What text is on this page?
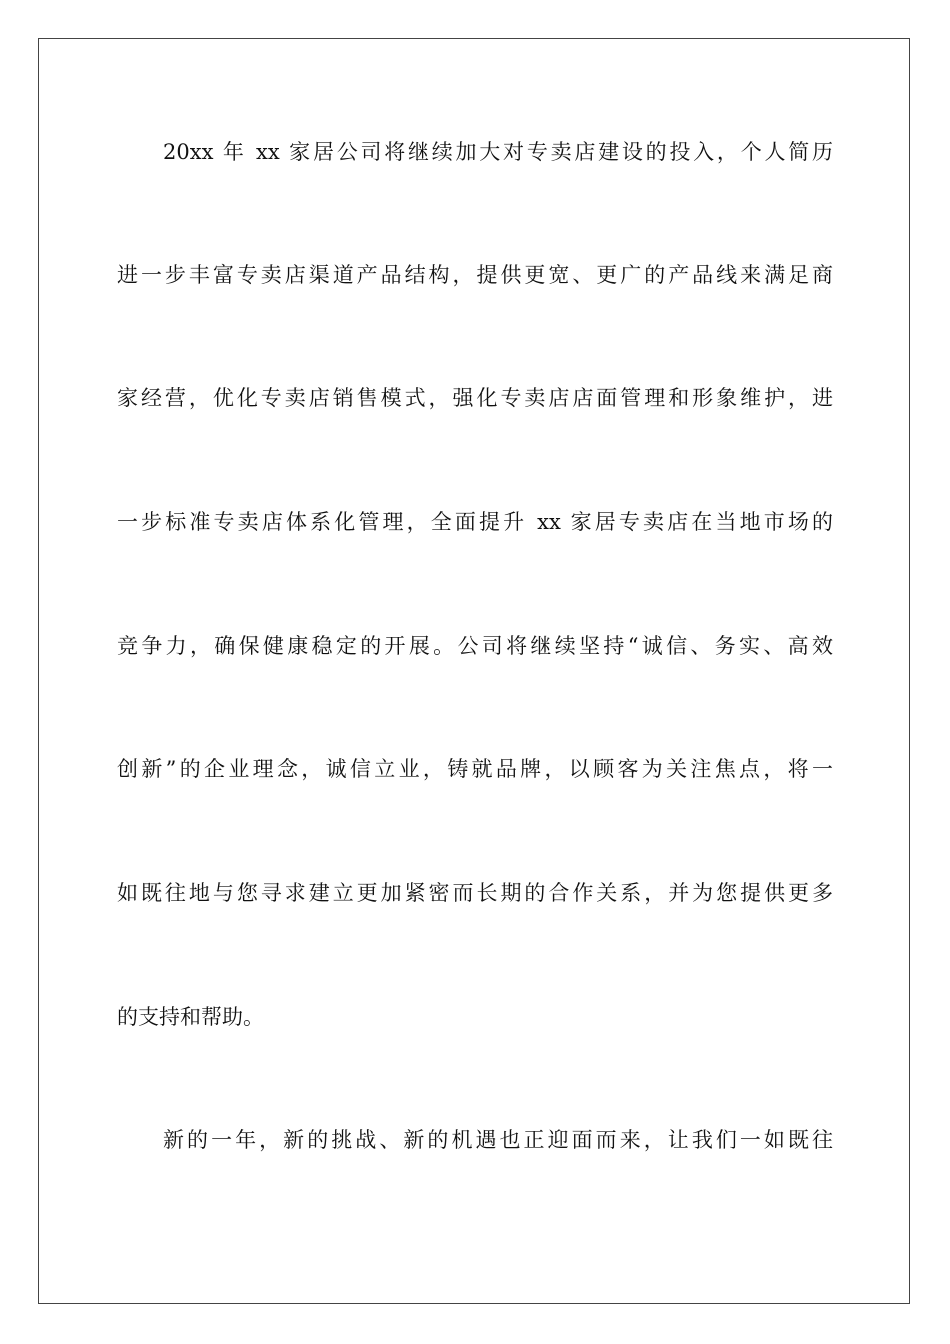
20xx 年 xx 家居公司将继续加大对专卖店建设的投入，个人简历
进一步丰富专卖店渠道产品结构，提供更宽、更广的产品线来满足商
家经营，优化专卖店销售模式，强化专卖店店面管理和形象维护，进
一步标准专卖店体系化管理，全面提升 xx 家居专卖店在当地市场的
竞争力，确保健康稳定的开展。公司将继续坚持“诚信、务实、高效
创新”的企业理念，诚信立业，铸就品牌，以顾客为关注焦点，将一
如既往地与您寻求建立更加紧密而长期的合作关系，并为您提供更多
的支持和帮助。
新的一年，新的挑战、新的机遇也正迎面而来，让我们一如既往
